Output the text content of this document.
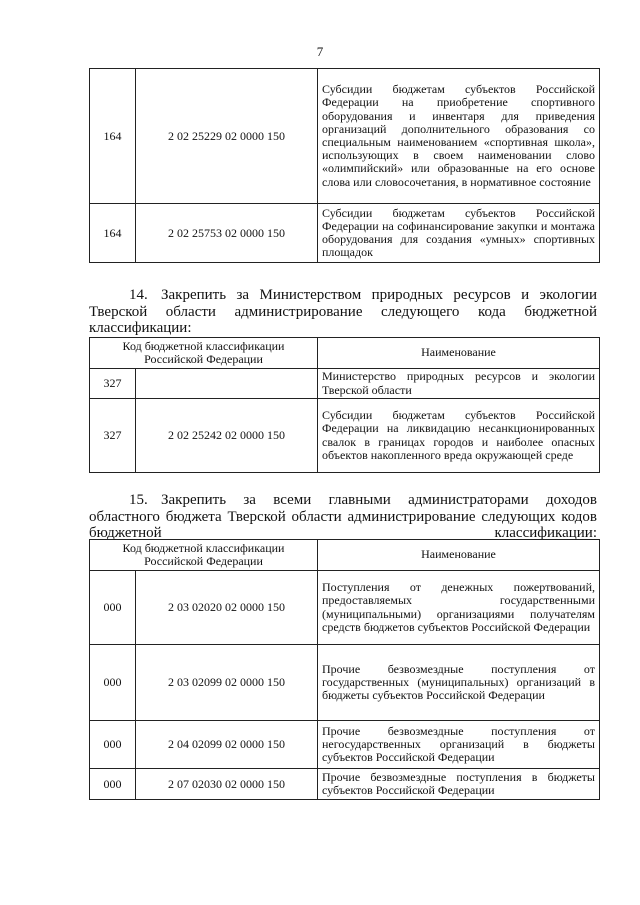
7
164	2 02 25229 02 0000 150	Субсидии бюджетам субъектов Российской Федерации на приобретение спортивного оборудования и инвентаря для приведения организаций дополнительного образования со специальным наименованием «спортивная школа», использующих в своем наименовании слово «олимпийский» или образованные на его основе слова или словосочетания, в нормативное состояние
164	2 02 25753 02 0000 150	Субсидии бюджетам субъектов Российской Федерации на софинансирование закупки и монтажа оборудования для создания «умных» спортивных площадок
14. Закрепить за Министерством природных ресурсов и экологии Тверской области администрирование следующего кода бюджетной классификации:
Код бюджетной классификации Российской Федерации		Наименование
327		Министерство природных ресурсов и экологии Тверской области
327	2 02 25242 02 0000 150	Субсидии бюджетам субъектов Российской Федерации на ликвидацию несанкционированных свалок в границах городов и наиболее опасных объектов накопленного вреда окружающей среде
15. Закрепить за всеми главными администраторами доходов областного бюджета Тверской области администрирование следующих кодов бюджетной классификации:
Код бюджетной классификации Российской Федерации		Наименование
000	2 03 02020 02 0000 150	Поступления от денежных пожертвований, предоставляемых государственными (муниципальными) организациями получателям средств бюджетов субъектов Российской Федерации
000	2 03 02099 02 0000 150	Прочие безвозмездные поступления от государственных (муниципальных) организаций в бюджеты субъектов Российской Федерации
000	2 04 02099 02 0000 150	Прочие безвозмездные поступления от негосударственных организаций в бюджеты субъектов Российской Федерации
000	2 07 02030 02 0000 150	Прочие безвозмездные поступления в бюджеты субъектов Российской Федерации
